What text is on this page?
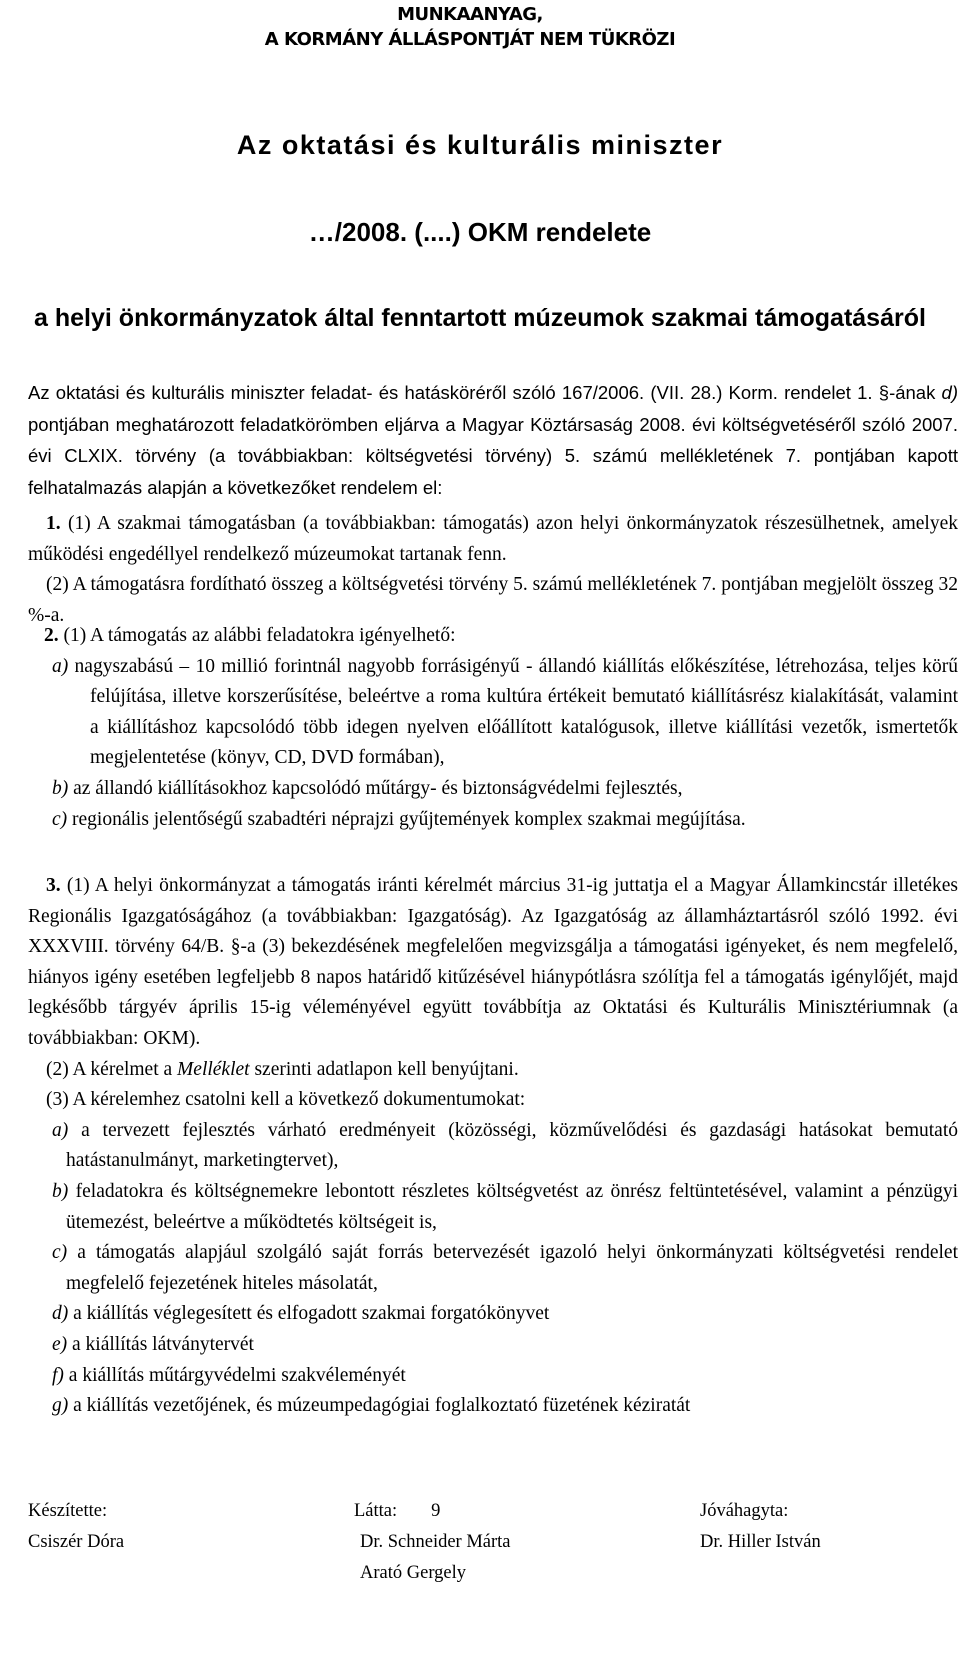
MUNKAANYAG,
A KORMÁNY ÁLLÁSPONTJÁT NEM TÜKRÖZI
Az oktatási és kulturális miniszter
…/2008. (....) OKM rendelete
a helyi önkormányzatok által fenntartott múzeumok szakmai támogatásáról

Az oktatási és kulturális miniszter feladat- és hatásköréről szóló 167/2006. (VII. 28.) Korm. rendelet 1. §-ának d) pontjában meghatározott feladatkörömben eljárva a Magyar Köztársaság 2008. évi költségvetéséről szóló 2007. évi CLXIX. törvény (a továbbiakban: költségvetési törvény) 5. számú mellékletének 7. pontjában kapott felhatalmazás alapján a következőket rendelem el:

1. (1) A szakmai támogatásban (a továbbiakban: támogatás) azon helyi önkormányzatok részesülhetnek, amelyek működési engedéllyel rendelkező múzeumokat tartanak fenn.

(2) A támogatásra fordítható összeg a költségvetési törvény 5. számú mellékletének 7. pontjában megjelölt összeg 32 %-a.

2. (1) A támogatás az alábbi feladatokra igényelhető:

a) nagyszabású – 10 millió forintnál nagyobb forrásigényű - állandó kiállítás előkészítése, létrehozása, teljes körű felújítása, illetve korszerűsítése, beleértve a roma kultúra értékeit bemutató kiállításrész kialakítását, valamint a kiállításhoz kapcsolódó több idegen nyelven előállított katalógusok, illetve kiállítási vezetők, ismertetők megjelentetése (könyv, CD, DVD formában),

b) az állandó kiállításokhoz kapcsolódó műtárgy- és biztonságvédelmi fejlesztés,

c) regionális jelentőségű szabadtéri néprajzi gyűjtemények komplex szakmai megújítása.

3. (1) A helyi önkormányzat a támogatás iránti kérelmét március 31-ig juttatja el a Magyar Államkincstár illetékes Regionális Igazgatóságához (a továbbiakban: Igazgatóság). Az Igazgatóság az államháztartásról szóló 1992. évi XXXVIII. törvény 64/B. §-a (3) bekezdésének megfelelően megvizsgálja a támogatási igényeket, és nem megfelelő, hiányos igény esetében legfeljebb 8 napos határidő kitűzésével hiánypótlásra szólítja fel a támogatás igénylőjét, majd legkésőbb tárgyév április 15-ig véleményével együtt továbbítja az Oktatási és Kulturális Minisztériumnak (a továbbiakban: OKM).

(2) A kérelmet a Melléklet szerinti adatlapon kell benyújtani.

(3) A kérelemhez csatolni kell a következő dokumentumokat:

a) a tervezett fejlesztés várható eredményeit (közösségi, közművelődési és gazdasági hatásokat bemutató hatástanulmányt, marketingtervet),

b) feladatokra és költségnemekre lebontott részletes költségvetést az önrész feltüntetésével, valamint a pénzügyi ütemezést, beleértve a működtetés költségeit is,

c) a támogatás alapjául szolgáló saját forrás betervezését igazoló helyi önkormányzati költségvetési rendelet megfelelő fejezetének hiteles másolatát,

d) a kiállítás véglegesített és elfogadott szakmai forgatókönyvet

e) a kiállítás látványtervét

f) a kiállítás műtárgyvédelmi szakvéleményét

g) a kiállítás vezetőjének, és múzeumpedagógiai foglalkoztató füzetének kéziratát

Készítette:
Csiszér Dóra
Látta: 9
Dr. Schneider Márta
Arató Gergely
Jóváhagyta:
Dr. Hiller István
